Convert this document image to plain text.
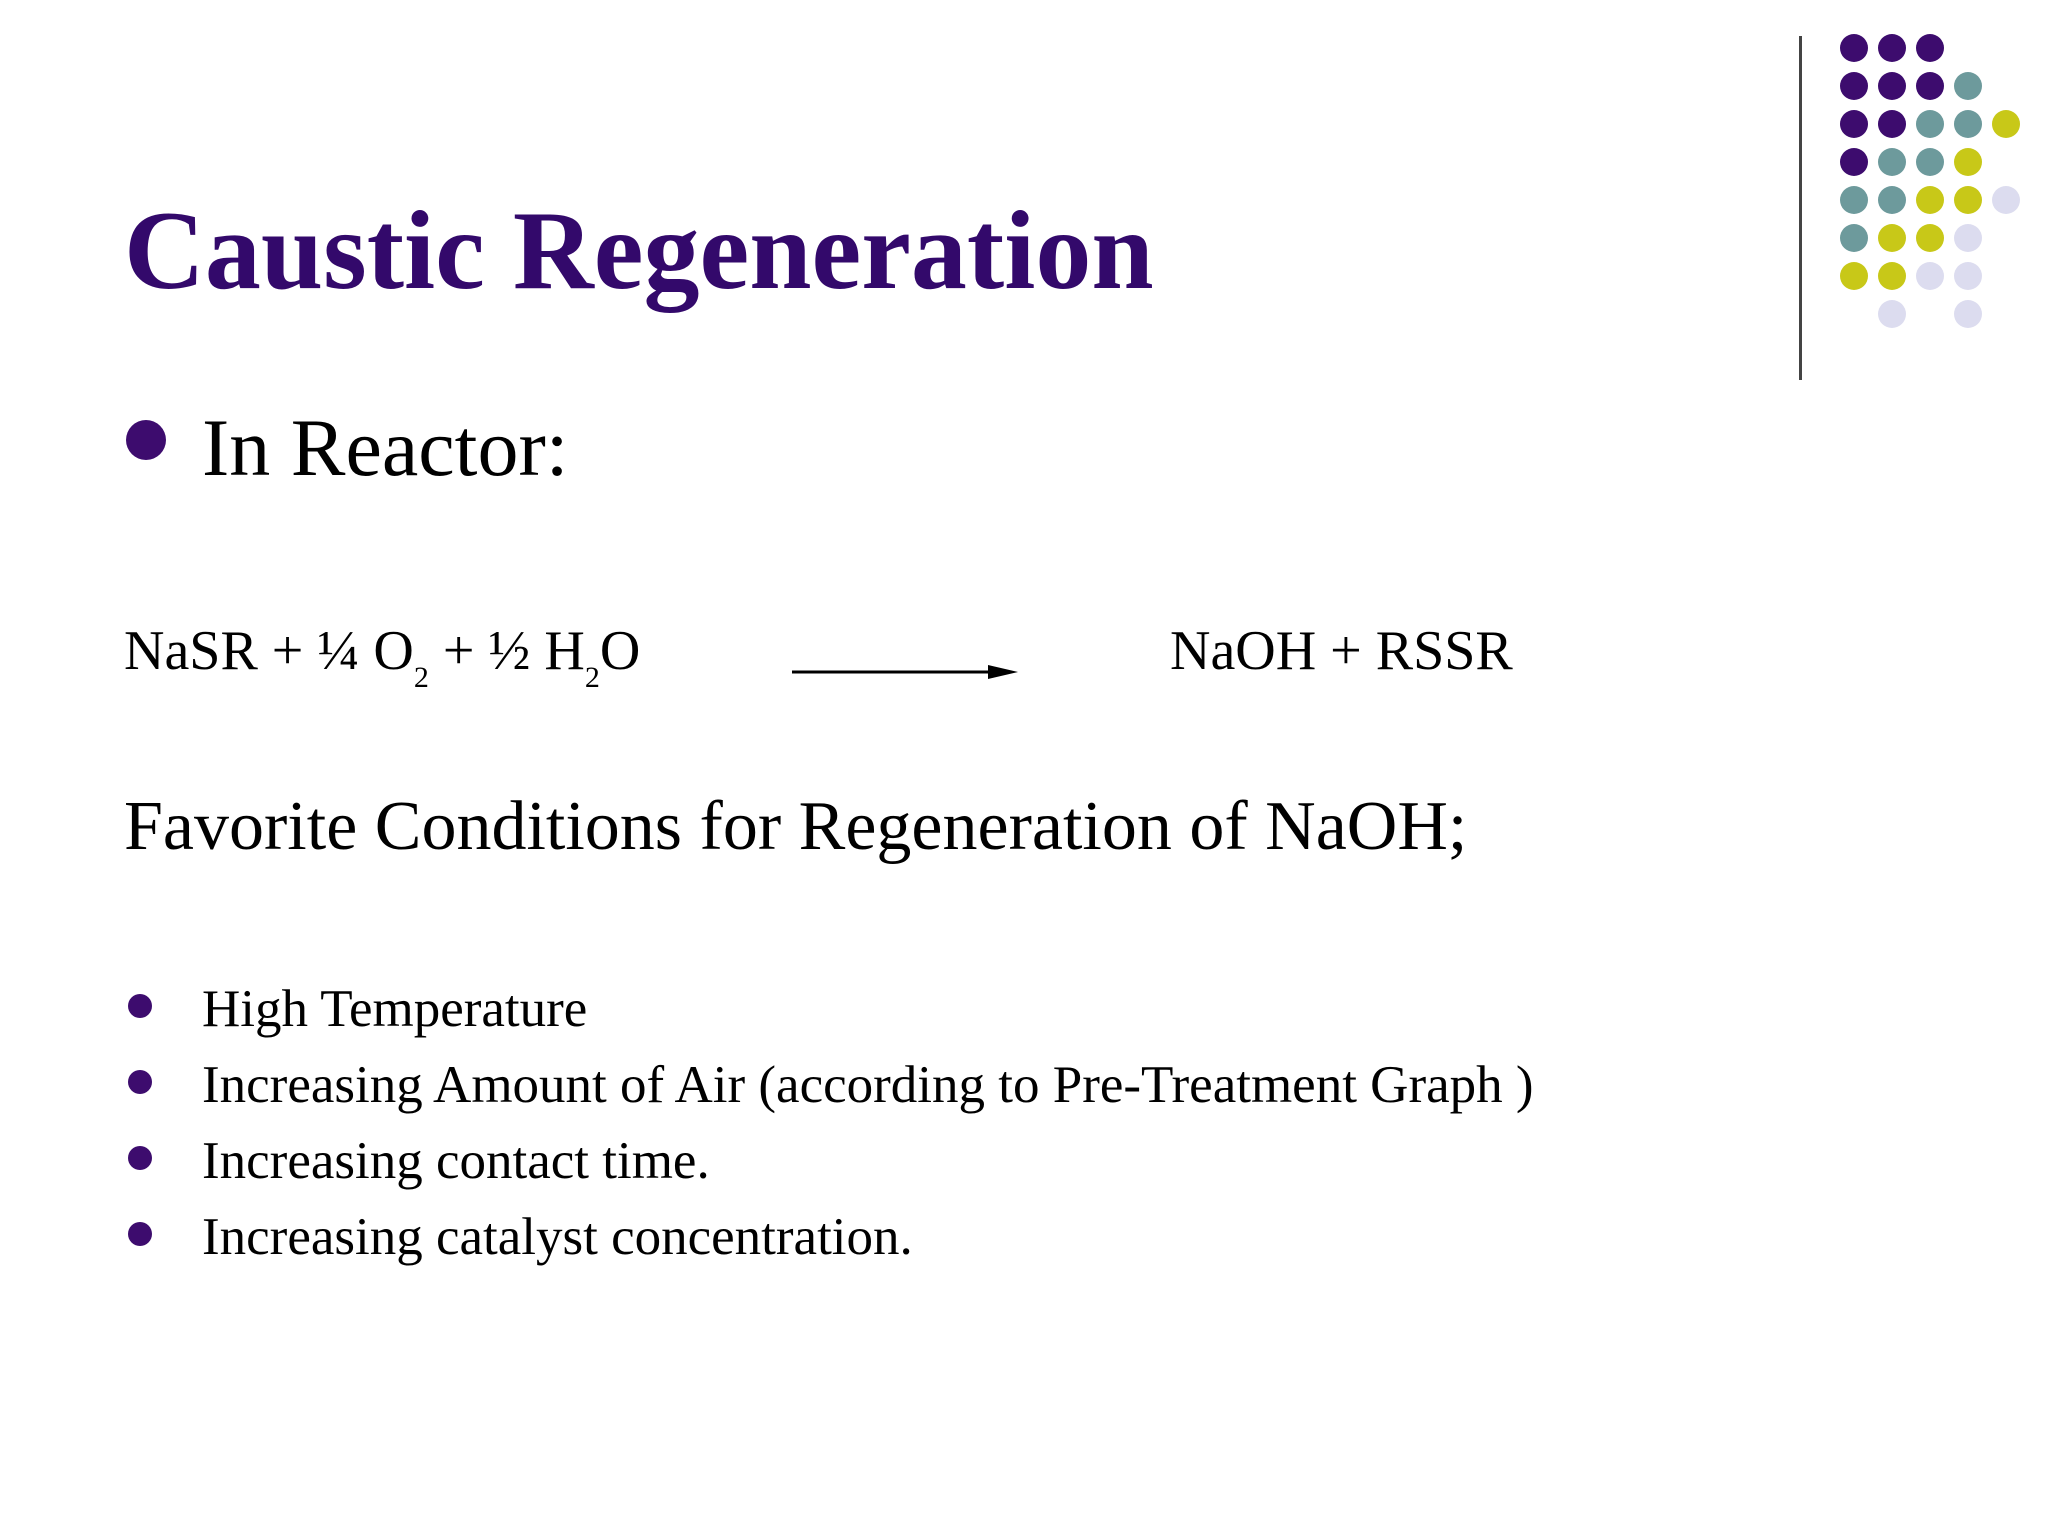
Caustic Regeneration
In Reactor:
NaSR + ¼ $O_2$ + ½ $H_2O$	NaOH + RSSR
Favorite Conditions for Regeneration of NaOH;
High Temperature
Increasing Amount of Air (according to Pre-Treatment Graph )
Increasing contact time.
Increasing catalyst concentration.
